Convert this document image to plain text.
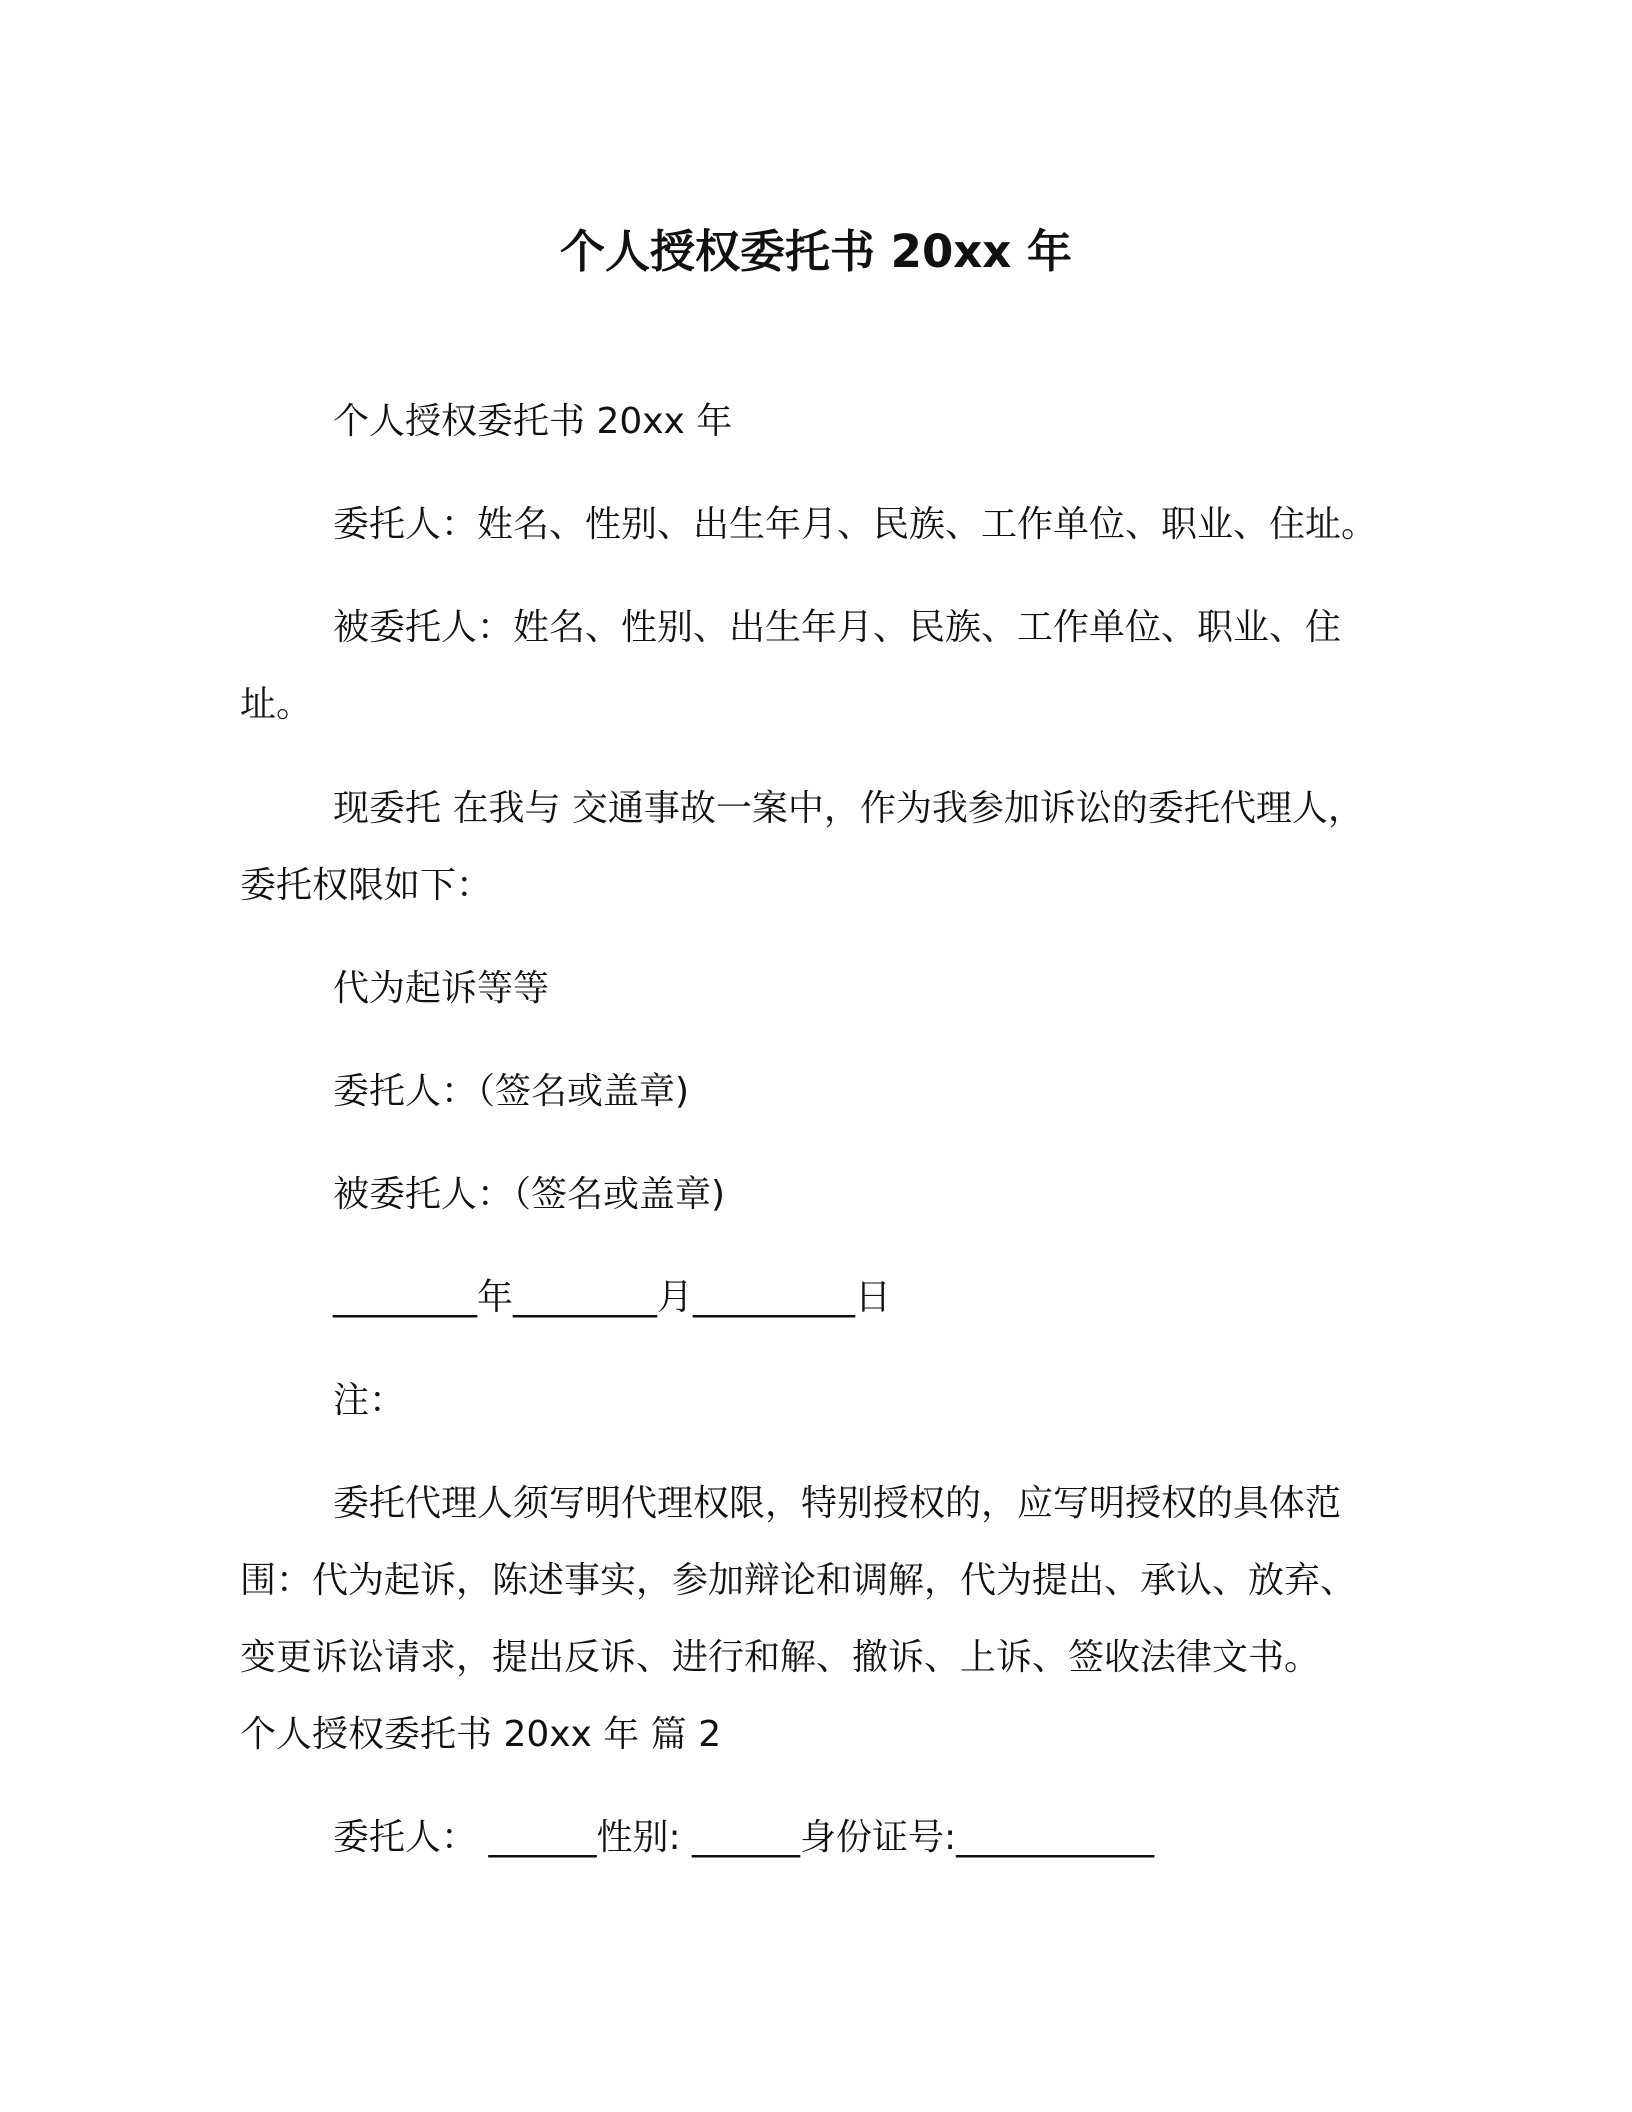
个人授权委托书 20xx 年
个人授权委托书 20xx 年
委托人：姓名、性别、出生年月、民族、工作单位、职业、住址。
被委托人：姓名、性别、出生年月、民族、工作单位、职业、住
址。
现委托 在我与 交通事故一案中，作为我参加诉讼的委托代理人，
委托权限如下：
代为起诉等等
委托人：（签名或盖章)
被委托人：（签名或盖章)
________年________月_________日
注：
委托代理人须写明代理权限，特别授权的，应写明授权的具体范
围：代为起诉，陈述事实，参加辩论和调解，代为提出、承认、放弃、
变更诉讼请求，提出反诉、进行和解、撤诉、上诉、签收法律文书。
个人授权委托书 20xx 年 篇 2
委托人： ______性别: ______身份证号:___________
